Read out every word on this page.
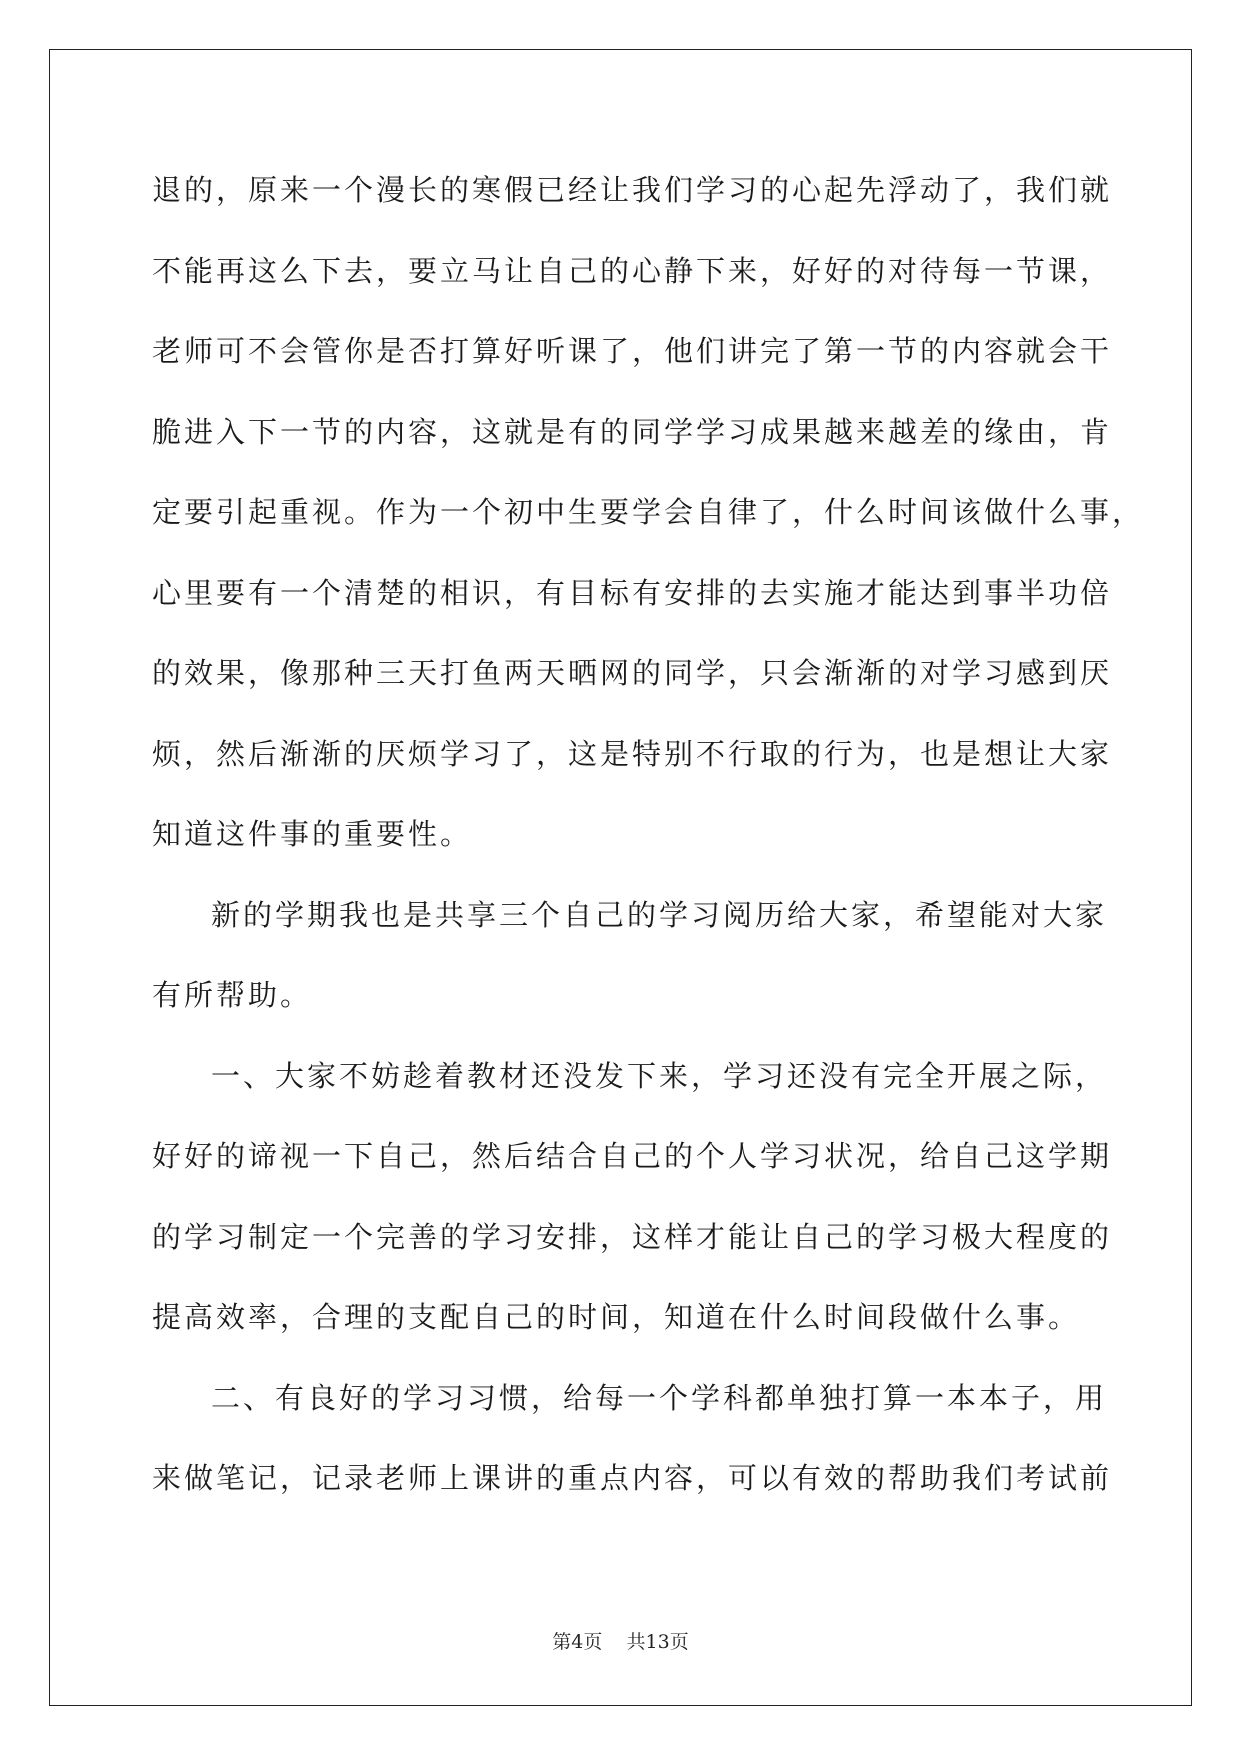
退的，原来一个漫长的寒假已经让我们学习的心起先浮动了，我们就
不能再这么下去，要立马让自己的心静下来，好好的对待每一节课，
老师可不会管你是否打算好听课了，他们讲完了第一节的内容就会干
脆进入下一节的内容，这就是有的同学学习成果越来越差的缘由，肯
定要引起重视。作为一个初中生要学会自律了，什么时间该做什么事，
心里要有一个清楚的相识，有目标有安排的去实施才能达到事半功倍
的效果，像那种三天打鱼两天晒网的同学，只会渐渐的对学习感到厌
烦，然后渐渐的厌烦学习了，这是特别不行取的行为，也是想让大家
知道这件事的重要性。
新的学期我也是共享三个自己的学习阅历给大家，希望能对大家
有所帮助。
一、大家不妨趁着教材还没发下来，学习还没有完全开展之际，
好好的谛视一下自己，然后结合自己的个人学习状况，给自己这学期
的学习制定一个完善的学习安排，这样才能让自己的学习极大程度的
提高效率，合理的支配自己的时间，知道在什么时间段做什么事。
二、有良好的学习习惯，给每一个学科都单独打算一本本子，用
来做笔记，记录老师上课讲的重点内容，可以有效的帮助我们考试前
第4页 共13页
